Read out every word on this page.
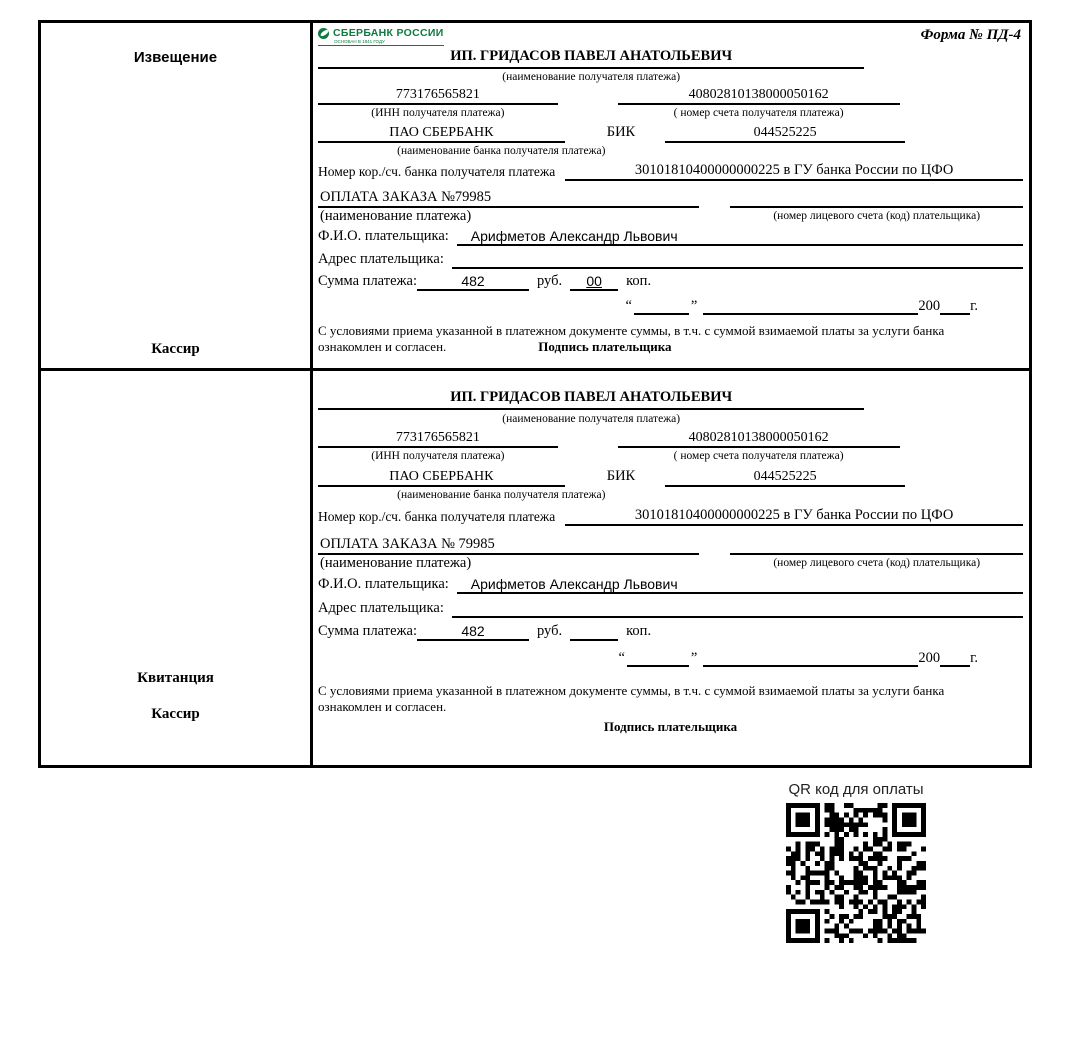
Извещение
Кассир
СБЕРБАНК РОССИИ
ОСНОВАН В 1841 ГОДУ	Форма № ПД-4
ИП. ГРИДАСОВ ПАВЕЛ АНАТОЛЬЕВИЧ
(наименование получателя платежа)
773176565821	40802810138000050162
(ИНН получателя платежа)	( номер счета получателя платежа)
ПАО СБЕРБАНК	БИК	044525225
(наименование банка получателя платежа)
Номер кор./сч. банка получателя платежа	30101810400000000225 в ГУ банка России по ЦФО
ОПЛАТА ЗАКАЗА №79985
(наименование платежа)	(номер лицевого счета (код) плательщика)
Ф.И.О. плательщика:	Арифметов Александр Львович
Адрес плательщика:
Сумма платежа:	482	руб.	00	коп.
“	”	200 г.
С условиями приема указанной в платежном документе суммы, в т.ч. с суммой взимаемой платы за услуги банка
ознакомлен и согласен.	Подпись плательщика
Квитанция
Кассир
ИП. ГРИДАСОВ ПАВЕЛ АНАТОЛЬЕВИЧ
(наименование получателя платежа)
773176565821	40802810138000050162
(ИНН получателя платежа)	( номер счета получателя платежа)
ПАО СБЕРБАНК	БИК	044525225
(наименование банка получателя платежа)
Номер кор./сч. банка получателя платежа	30101810400000000225 в ГУ банка России по ЦФО
ОПЛАТА ЗАКАЗА № 79985
(наименование платежа)	(номер лицевого счета (код) плательщика)
Ф.И.О. плательщика:	Арифметов Александр Львович
Адрес плательщика:
Сумма платежа:	482	руб.	коп.
“	”	200 г.
С условиями приема указанной в платежном документе суммы, в т.ч. с суммой взимаемой платы за услуги банка
ознакомлен и согласен.
Подпись плательщика
QR код для оплаты
